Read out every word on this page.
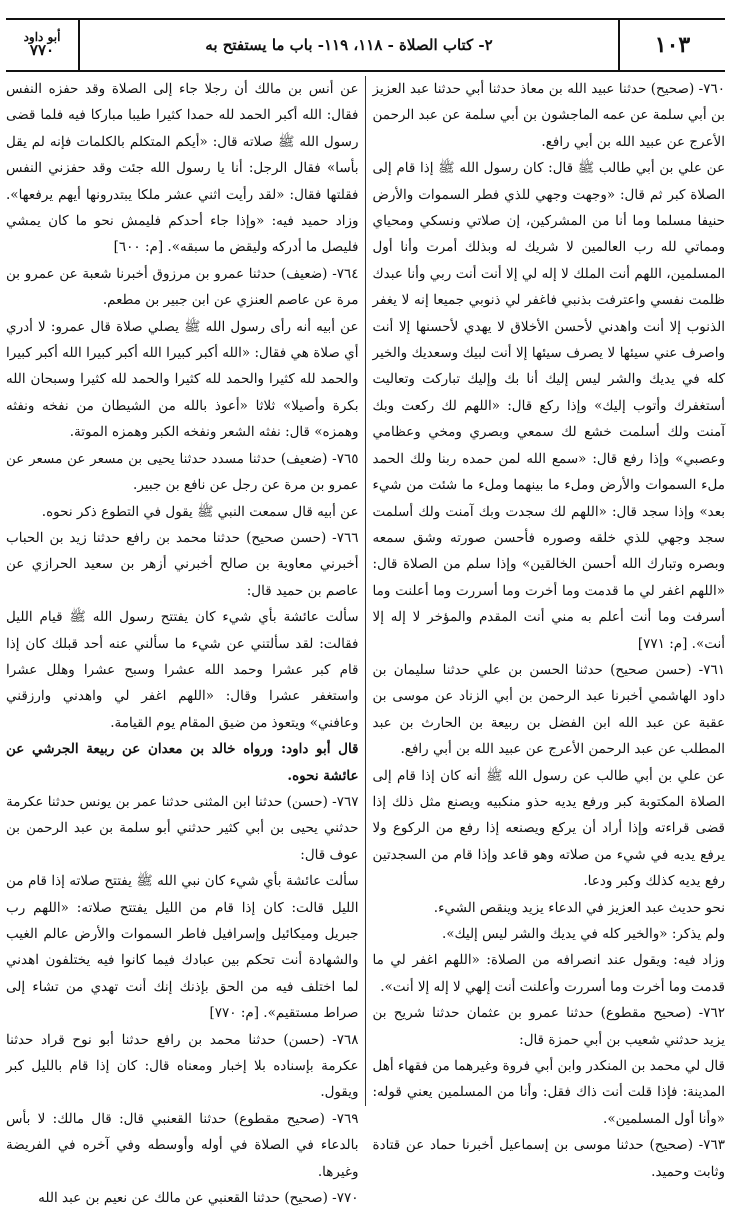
١٠٣
٢- كتاب الصلاة - ١١٨، ١١٩- باب ما يستفتح به
أبو داود
٧٧٠

٧٦٠- (صحيح) حدثنا عبيد الله بن معاذ حدثنا أبي حدثنا عبد العزيز بن أبي سلمة عن عمه الماجشون بن أبي سلمة عن عبد الرحمن الأعرج عن عبيد الله بن أبي رافع.

عن علي بن أبي طالب ﷺ قال: كان رسول الله ﷺ إذا قام إلى الصلاة كبر ثم قال: «وجهت وجهي للذي فطر السموات والأرض حنيفا مسلما وما أنا من المشركين، إن صلاتي ونسكي ومحياي ومماتي لله رب العالمين لا شريك له وبذلك أمرت وأنا أول المسلمين، اللهم أنت الملك لا إله لي إلا أنت أنت ربي وأنا عبدك ظلمت نفسي واعترفت بذنبي فاغفر لي ذنوبي جميعا إنه لا يغفر الذنوب إلا أنت واهدني لأحسن الأخلاق لا يهدي لأحسنها إلا أنت واصرف عني سيئها لا يصرف سيئها إلا أنت لبيك وسعديك والخير كله في يديك والشر ليس إليك أنا بك وإليك تباركت وتعاليت أستغفرك وأتوب إليك» وإذا ركع قال: «اللهم لك ركعت وبك آمنت ولك أسلمت خشع لك سمعي وبصري ومخي وعظامي وعصبي» وإذا رفع قال: «سمع الله لمن حمده ربنا ولك الحمد ملء السموات والأرض وملء ما بينهما وملء ما شئت من شيء بعد» وإذا سجد قال: «اللهم لك سجدت وبك آمنت ولك أسلمت سجد وجهي للذي خلقه وصوره فأحسن صورته وشق سمعه وبصره وتبارك الله أحسن الخالقين» وإذا سلم من الصلاة قال: «اللهم اغفر لي ما قدمت وما أخرت وما أسررت وما أعلنت وما أسرفت وما أنت أعلم به مني أنت المقدم والمؤخر لا إله إلا أنت». [م: ٧٧١]

٧٦١- (حسن صحيح) حدثنا الحسن بن علي حدثنا سليمان بن داود الهاشمي أخبرنا عبد الرحمن بن أبي الزناد عن موسى بن عقبة عن عبد الله ابن الفضل بن ربيعة بن الحارث بن عبد المطلب عن عبد الرحمن الأعرج عن عبيد الله بن أبي رافع.

عن علي بن أبي طالب عن رسول الله ﷺ أنه كان إذا قام إلى الصلاة المكتوبة كبر ورفع يديه حذو منكبيه ويصنع مثل ذلك إذا قضى قراءته وإذا أراد أن يركع ويصنعه إذا رفع من الركوع ولا يرفع يديه في شيء من صلاته وهو قاعد وإذا قام من السجدتين رفع يديه كذلك وكبر ودعا.

نحو حديث عبد العزيز في الدعاء يزيد وينقص الشيء.

ولم يذكر: «والخير كله في يديك والشر ليس إليك».

وزاد فيه: ويقول عند انصرافه من الصلاة: «اللهم اغفر لي ما قدمت وما أخرت وما أسررت وأعلنت أنت إلهي لا إله إلا أنت».

٧٦٢- (صحيح مقطوع) حدثنا عمرو بن عثمان حدثنا شريح بن يزيد حدثني شعيب بن أبي حمزة قال:

قال لي محمد بن المنكدر وابن أبي فروة وغيرهما من فقهاء أهل المدينة: فإذا قلت أنت ذاك فقل: وأنا من المسلمين يعني قوله: «وأنا أول المسلمين».

٧٦٣- (صحيح) حدثنا موسى بن إسماعيل أخبرنا حماد عن قتادة وثابت وحميد.

عن أنس بن مالك أن رجلا جاء إلى الصلاة وقد حفزه النفس فقال: الله أكبر الحمد لله حمدا كثيرا طيبا مباركا فيه فلما قضى رسول الله ﷺ صلاته قال: «أيكم المتكلم بالكلمات فإنه لم يقل بأسا» فقال الرجل: أنا يا رسول الله جئت وقد حفزني النفس فقلتها فقال: «لقد رأيت اثني عشر ملكا يبتدرونها أيهم يرفعها». وزاد حميد فيه: «وإذا جاء أحدكم فليمش نحو ما كان يمشي فليصل ما أدركه وليقض ما سبقه». [م: ٦٠٠]

٧٦٤- (ضعيف) حدثنا عمرو بن مرزوق أخبرنا شعبة عن عمرو بن مرة عن عاصم العنزي عن ابن جبير بن مطعم.

عن أبيه أنه رأى رسول الله ﷺ يصلي صلاة قال عمرو: لا أدري أي صلاة هي فقال: «الله أكبر كبيرا الله أكبر كبيرا الله أكبر كبيرا والحمد لله كثيرا والحمد لله كثيرا والحمد لله كثيرا وسبحان الله بكرة وأصيلا» ثلاثا «أعوذ بالله من الشيطان من نفخه ونفثه وهمزه» قال: نفثه الشعر ونفخه الكبر وهمزه الموتة.

٧٦٥- (ضعيف) حدثنا مسدد حدثنا يحيى بن مسعر عن مسعر عن عمرو بن مرة عن رجل عن نافع بن جبير.

عن أبيه قال سمعت النبي ﷺ يقول في التطوع ذكر نحوه.

٧٦٦- (حسن صحيح) حدثنا محمد بن رافع حدثنا زيد بن الحباب أخبرني معاوية بن صالح أخبرني أزهر بن سعيد الحرازي عن عاصم بن حميد قال:

سألت عائشة بأي شيء كان يفتتح رسول الله ﷺ قيام الليل فقالت: لقد سألتني عن شيء ما سألني عنه أحد قبلك كان إذا قام كبر عشرا وحمد الله عشرا وسبح عشرا وهلل عشرا واستغفر عشرا وقال: «اللهم اغفر لي واهدني وارزقني وعافني» ويتعوذ من ضيق المقام يوم القيامة.

قال أبو داود: ورواه خالد بن معدان عن ربيعة الجرشي عن عائشة نحوه.

٧٦٧- (حسن) حدثنا ابن المثنى حدثنا عمر بن يونس حدثنا عكرمة حدثني يحيى بن أبي كثير حدثني أبو سلمة بن عبد الرحمن بن عوف قال:

سألت عائشة بأي شيء كان نبي الله ﷺ يفتتح صلاته إذا قام من الليل قالت: كان إذا قام من الليل يفتتح صلاته: «اللهم رب جبريل وميكائيل وإسرافيل فاطر السموات والأرض عالم الغيب والشهادة أنت تحكم بين عبادك فيما كانوا فيه يختلفون اهدني لما اختلف فيه من الحق بإذنك إنك أنت تهدي من تشاء إلى صراط مستقيم». [م: ٧٧٠]

٧٦٨- (حسن) حدثنا محمد بن رافع حدثنا أبو نوح قراد حدثنا عكرمة بإسناده بلا إخبار ومعناه قال: كان إذا قام بالليل كبر ويقول.

٧٦٩- (صحيح مقطوع) حدثنا القعنبي قال: قال مالك: لا بأس بالدعاء في الصلاة في أوله وأوسطه وفي آخره في الفريضة وغيرها.

٧٧٠- (صحيح) حدثنا القعنبي عن مالك عن نعيم بن عبد الله
